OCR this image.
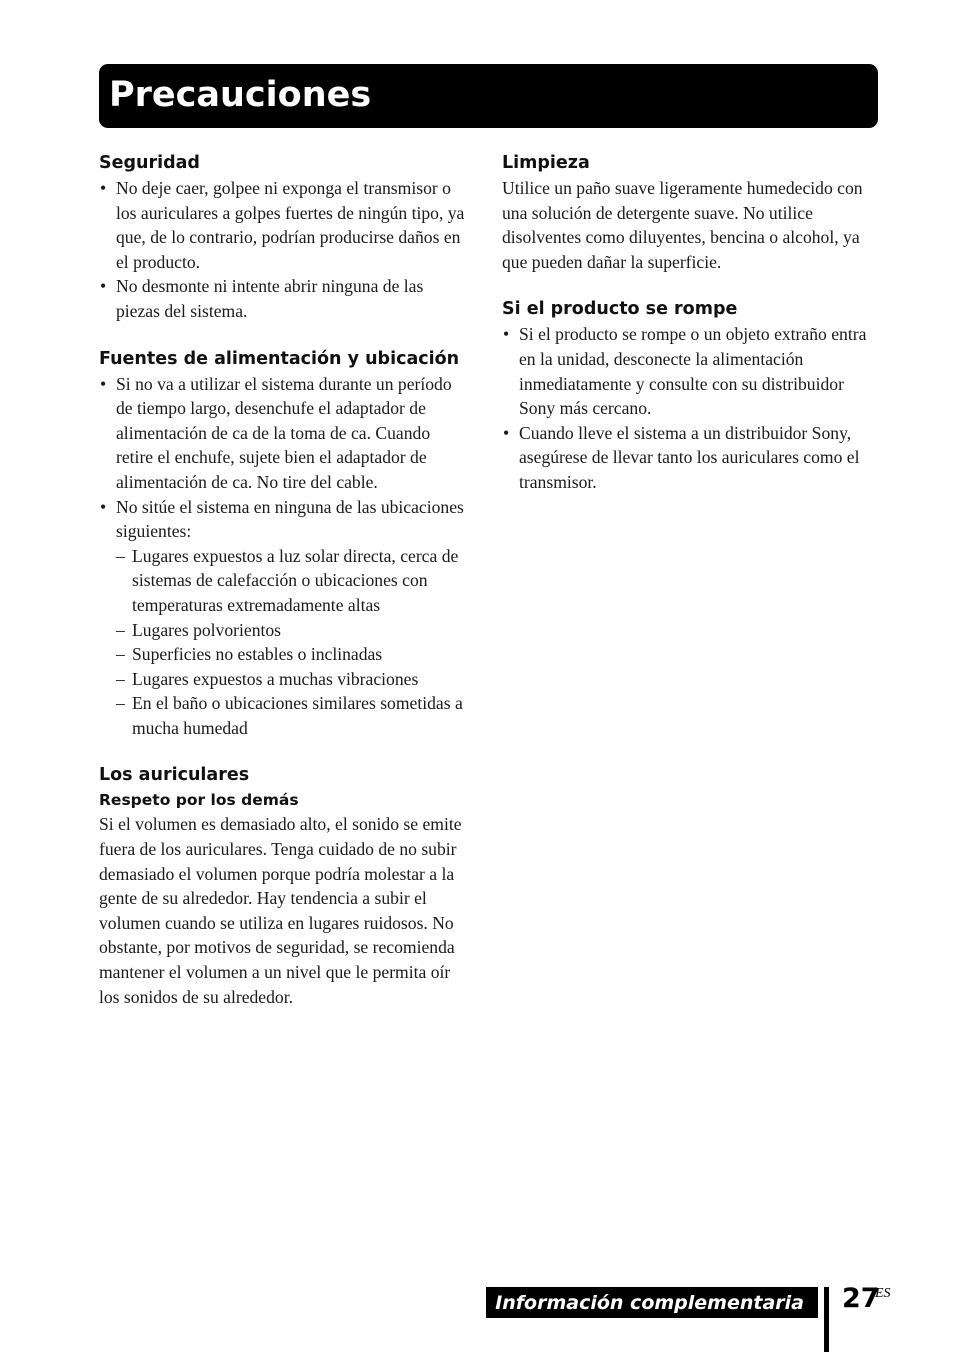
Precauciones
Seguridad
• No deje caer, golpee ni exponga el transmisor o los auriculares a golpes fuertes de ningún tipo, ya que, de lo contrario, podrían producirse daños en el producto.
• No desmonte ni intente abrir ninguna de las piezas del sistema.
Fuentes de alimentación y ubicación
• Si no va a utilizar el sistema durante un período de tiempo largo, desenchufe el adaptador de alimentación de ca de la toma de ca. Cuando retire el enchufe, sujete bien el adaptador de alimentación de ca. No tire del cable.
• No sitúe el sistema en ninguna de las ubicaciones siguientes:
– Lugares expuestos a luz solar directa, cerca de sistemas de calefacción o ubicaciones con temperaturas extremadamente altas
– Lugares polvorientos
– Superficies no estables o inclinadas
– Lugares expuestos a muchas vibraciones
– En el baño o ubicaciones similares sometidas a mucha humedad
Los auriculares
Respeto por los demás

Si el volumen es demasiado alto, el sonido se emite fuera de los auriculares. Tenga cuidado de no subir demasiado el volumen porque podría molestar a la gente de su alrededor. Hay tendencia a subir el volumen cuando se utiliza en lugares ruidosos. No obstante, por motivos de seguridad, se recomienda mantener el volumen a un nivel que le permita oír los sonidos de su alrededor.

Limpieza

Utilice un paño suave ligeramente humedecido con una solución de detergente suave. No utilice disolventes como diluyentes, bencina o alcohol, ya que pueden dañar la superficie.

Si el producto se rompe
• Si el producto se rompe o un objeto extraño entra en la unidad, desconecte la alimentación inmediatamente y consulte con su distribuidor Sony más cercano.
• Cuando lleve el sistema a un distribuidor Sony, asegúrese de llevar tanto los auriculares como el transmisor.
Información complementaria 27
ES
